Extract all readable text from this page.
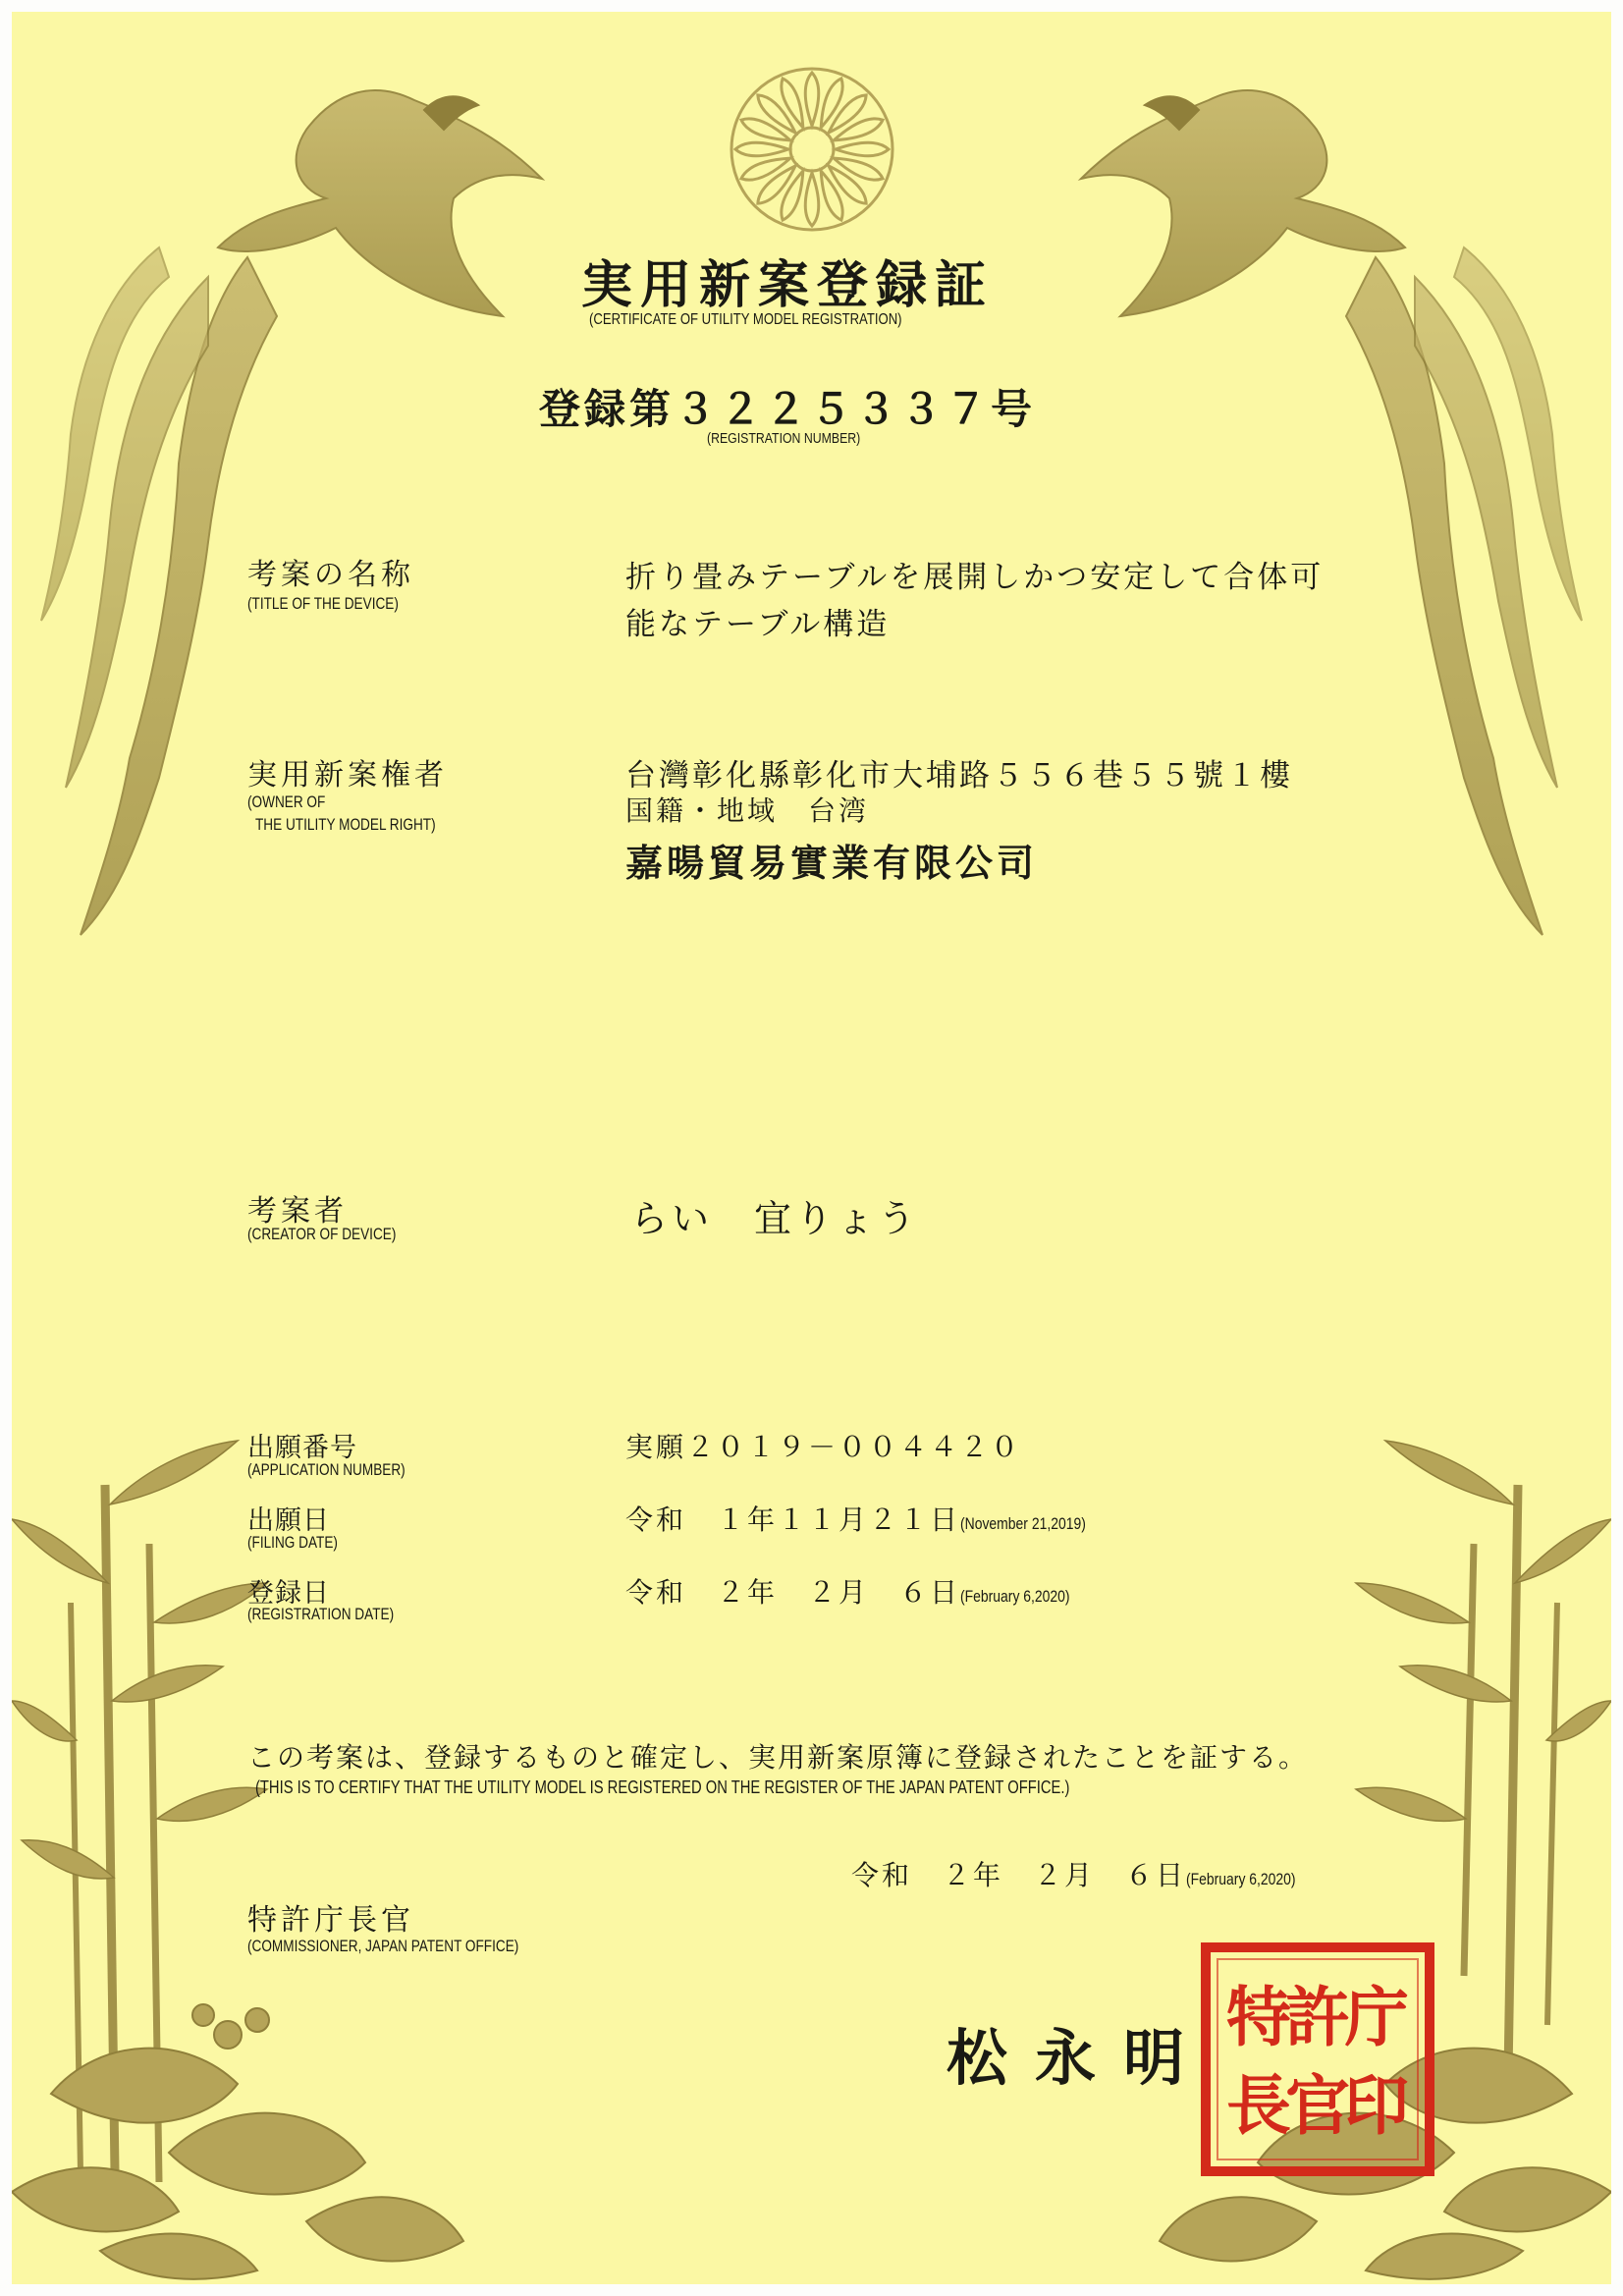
実用新案登録証
(CERTIFICATE OF UTILITY MODEL REGISTRATION)
登録第３２２５３３７号
(REGISTRATION NUMBER)
考案の名称
(TITLE OF THE DEVICE)
折り畳みテーブルを展開しかつ安定して合体可
能なテーブル構造
実用新案権者
(OWNER OF
THE UTILITY MODEL RIGHT)
台灣彰化縣彰化市大埔路５５６巷５５號１樓
国籍・地域　台湾
嘉暘貿易實業有限公司
考案者
(CREATOR OF DEVICE)	らい　宜りょう
出願番号
(APPLICATION NUMBER)
実願２０１９－００４４２０
出願日
(FILING DATE)
令和　１年１１月２１日(November 21,2019)
登録日
(REGISTRATION DATE)
令和　２年　２月　６日(February 6,2020)
この考案は、登録するものと確定し、実用新案原簿に登録されたことを証する。
(THIS IS TO CERTIFY THAT THE UTILITY MODEL IS REGISTERED ON THE REGISTER OF THE JAPAN PATENT OFFICE.)
令和　２年　２月　６日(February 6,2020)
特許庁長官
(COMMISSIONER, JAPAN PATENT OFFICE)
松永明
特
許
庁
長
官
印
